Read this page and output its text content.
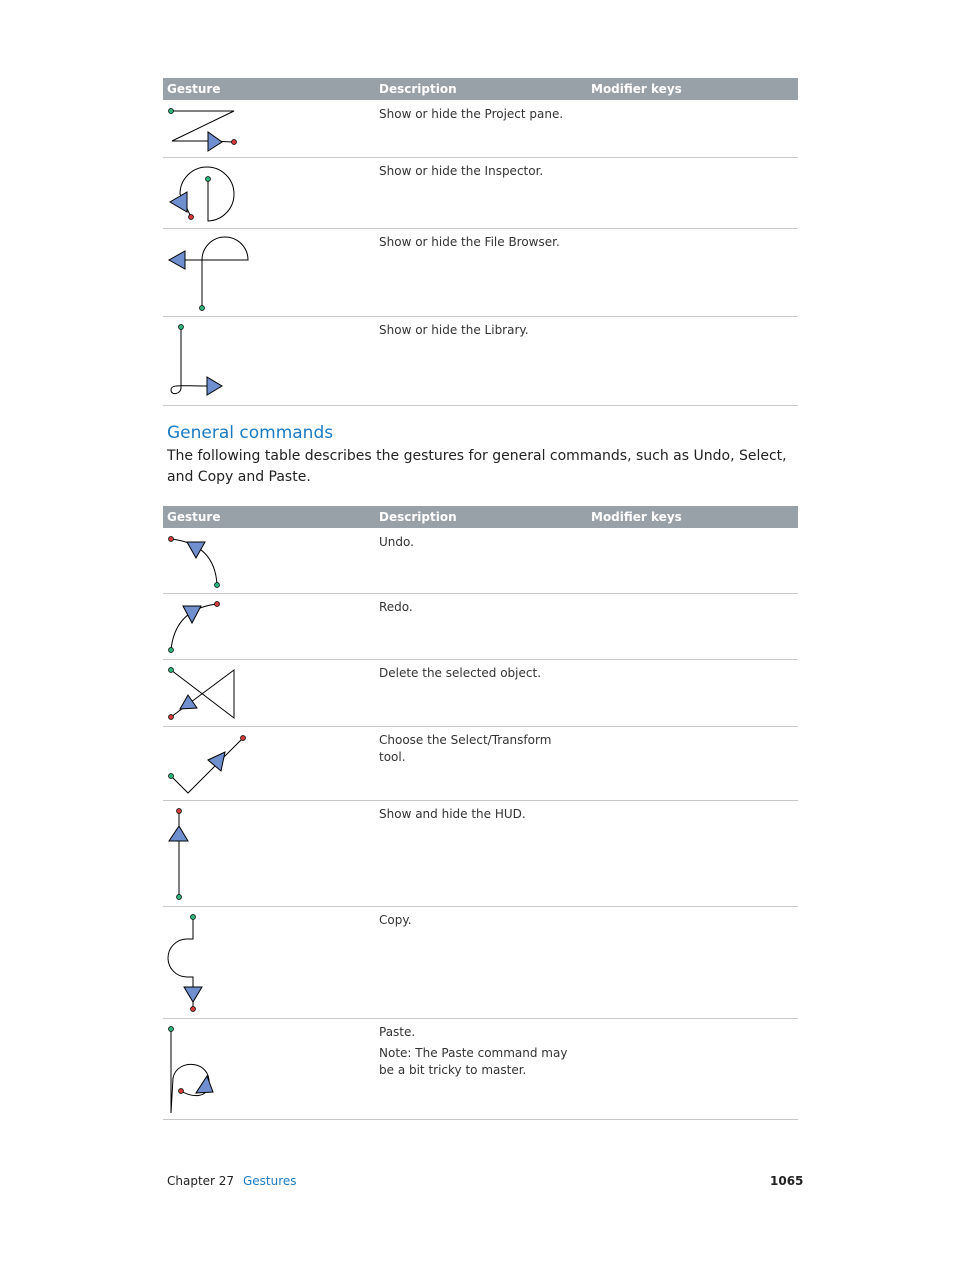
Gesture	Description	Modifier keys
Show or hide the Project pane.
Show or hide the Inspector.
Show or hide the File Browser.
Show or hide the Library.
General commands
The following table describes the gestures for general commands, such as Undo, Select, and Copy and Paste.
Gesture	Description	Modifier keys
Undo.
Redo.
Delete the selected object.
Choose the Select/Transform tool.
Show and hide the HUD.
Copy.
Paste.
Note: The Paste command may be a bit tricky to master.
Chapter 27 Gestures	1065
